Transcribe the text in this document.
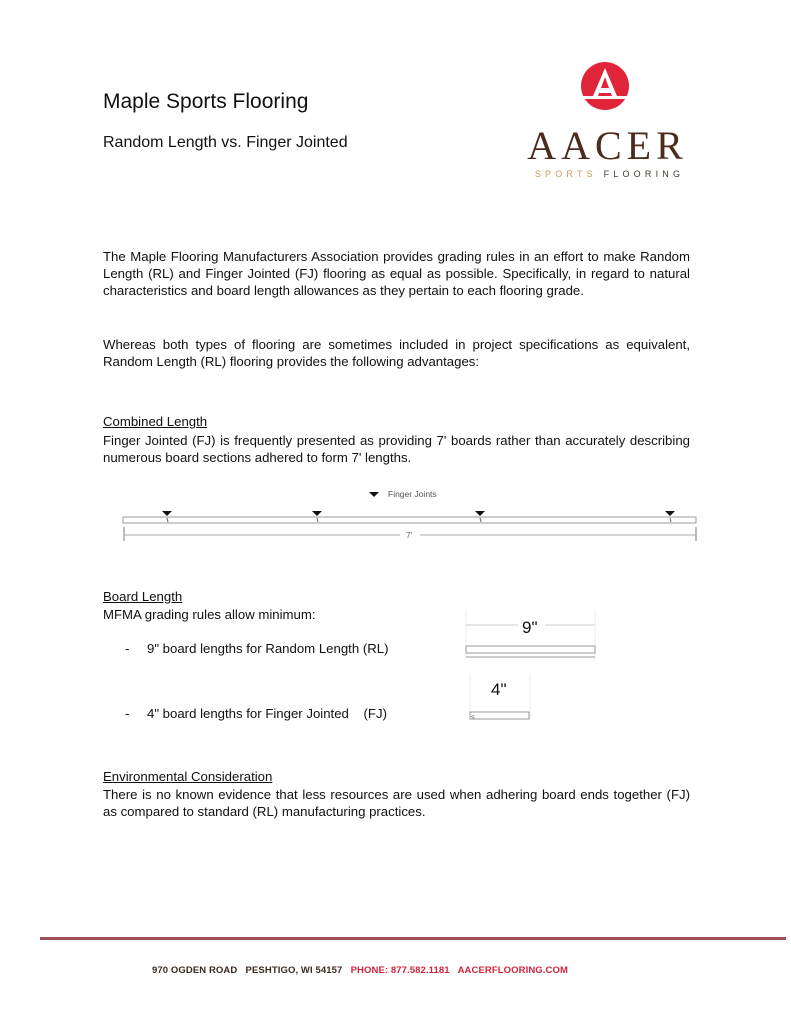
Maple Sports Flooring
Random Length vs. Finger Jointed	AACER
SPORTS FLOORING
The Maple Flooring Manufacturers Association provides grading rules in an effort to make Random Length (RL) and Finger Jointed (FJ) flooring as equal as possible. Specifically, in regard to natural characteristics and board length allowances as they pertain to each flooring grade.
Whereas both types of flooring are sometimes included in project specifications as equivalent, Random Length (RL) flooring provides the following advantages:
Combined Length
Finger Jointed (FJ) is frequently presented as providing 7' boards rather than accurately describing numerous board sections adhered to form 7' lengths.
Finger Joints
7'
Board Length
MFMA grading rules allow minimum:
- 9" board lengths for Random Length (RL)
- 4" board lengths for Finger Jointed    (FJ)
9"
4"
≤
Environmental Consideration
There is no known evidence that less resources are used when adhering board ends together (FJ) as compared to standard (RL) manufacturing practices.
970 OGDEN ROAD   PESHTIGO, WI 54157 PHONE: 877.582.1181 AACERFLOORING.COM
